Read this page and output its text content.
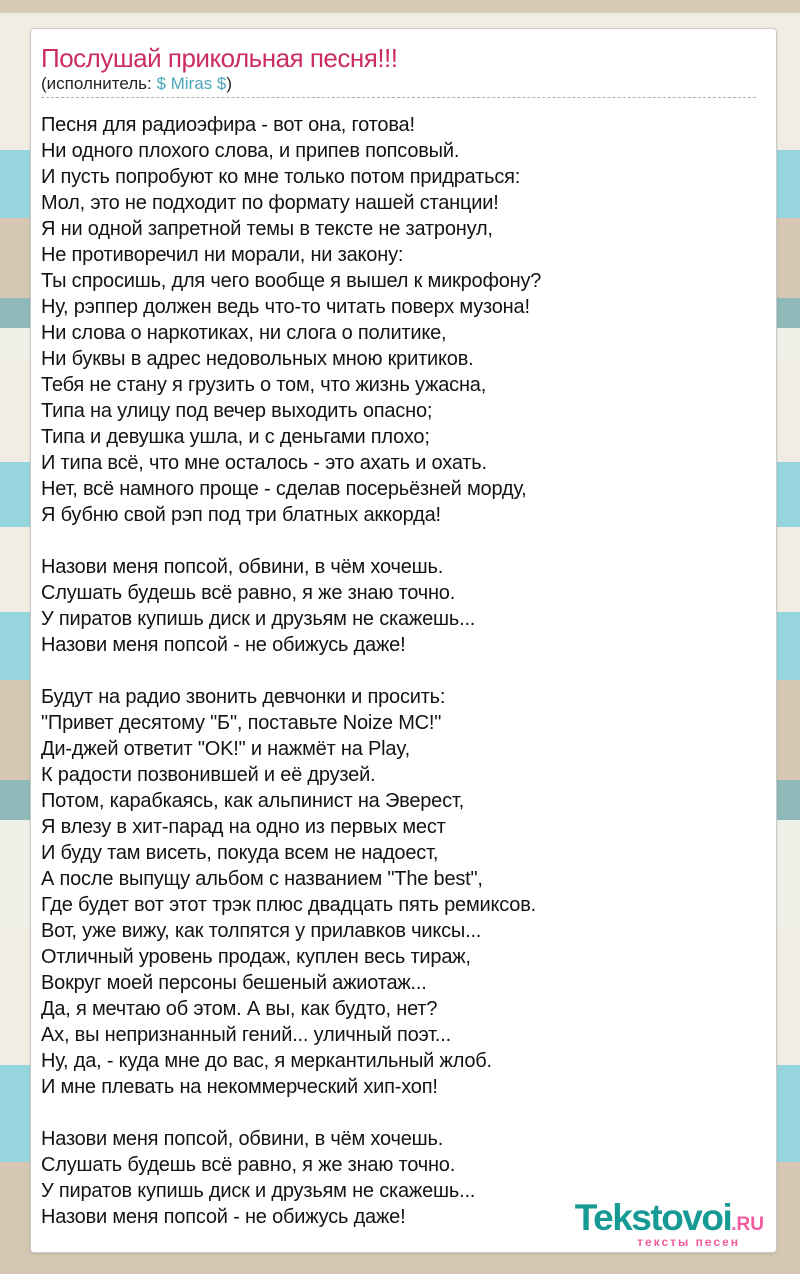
Послушай прикольная песня!!!
(исполнитель: $ Miras $)
Песня для радиоэфира - вот она, готова!
Ни одного плохого слова, и припев попсовый.
И пусть попробуют ко мне только потом придраться:
Мол, это не подходит по формату нашей станции!
Я ни одной запретной темы в тексте не затронул,
Не противоречил ни морали, ни закону:
Ты спросишь, для чего вообще я вышел к микрофону?
Ну, рэппер должен ведь что-то читать поверх музона!
Ни слова о наркотиках, ни слога о политике,
Ни буквы в адрес недовольных мною критиков.
Тебя не стану я грузить о том, что жизнь ужасна,
Типа на улицу под вечер выходить опасно;
Типа и девушка ушла, и с деньгами плохо;
И типа всё, что мне осталось - это ахать и охать.
Нет, всё намного проще - сделав посерьёзней морду,
Я бубню свой рэп под три блатных аккорда!
Назови меня попсой, обвини, в чём хочешь.
Слушать будешь всё равно, я же знаю точно.
У пиратов купишь диск и друзьям не скажешь...
Назови меня попсой - не обижусь даже!
Будут на радио звонить девчонки и просить:
"Привет десятому "Б", поставьте Noize MC!"
Ди-джей ответит "OK!" и нажмёт на Play,
К радости позвонившей и её друзей.
Потом, карабкаясь, как альпинист на Эверест,
Я влезу в хит-парад на одно из первых мест
И буду там висеть, покуда всем не надоест,
А после выпущу альбом с названием "The best",
Где будет вот этот трэк плюс двадцать пять ремиксов.
Вот, уже вижу, как толпятся у прилавков чиксы...
Отличный уровень продаж, куплен весь тираж,
Вокруг моей персоны бешеный ажиотаж...
Да, я мечтаю об этом. А вы, как будто, нет?
Ах, вы непризнанный гений... уличный поэт...
Ну, да, - куда мне до вас, я меркантильный жлоб.
И мне плевать на некоммерческий хип-хоп!
Назови меня попсой, обвини, в чём хочешь.
Слушать будешь всё равно, я же знаю точно.
У пиратов купишь диск и друзьям не скажешь...
Назови меня попсой - не обижусь даже!	Tekstovoi.RU
тексты песен
